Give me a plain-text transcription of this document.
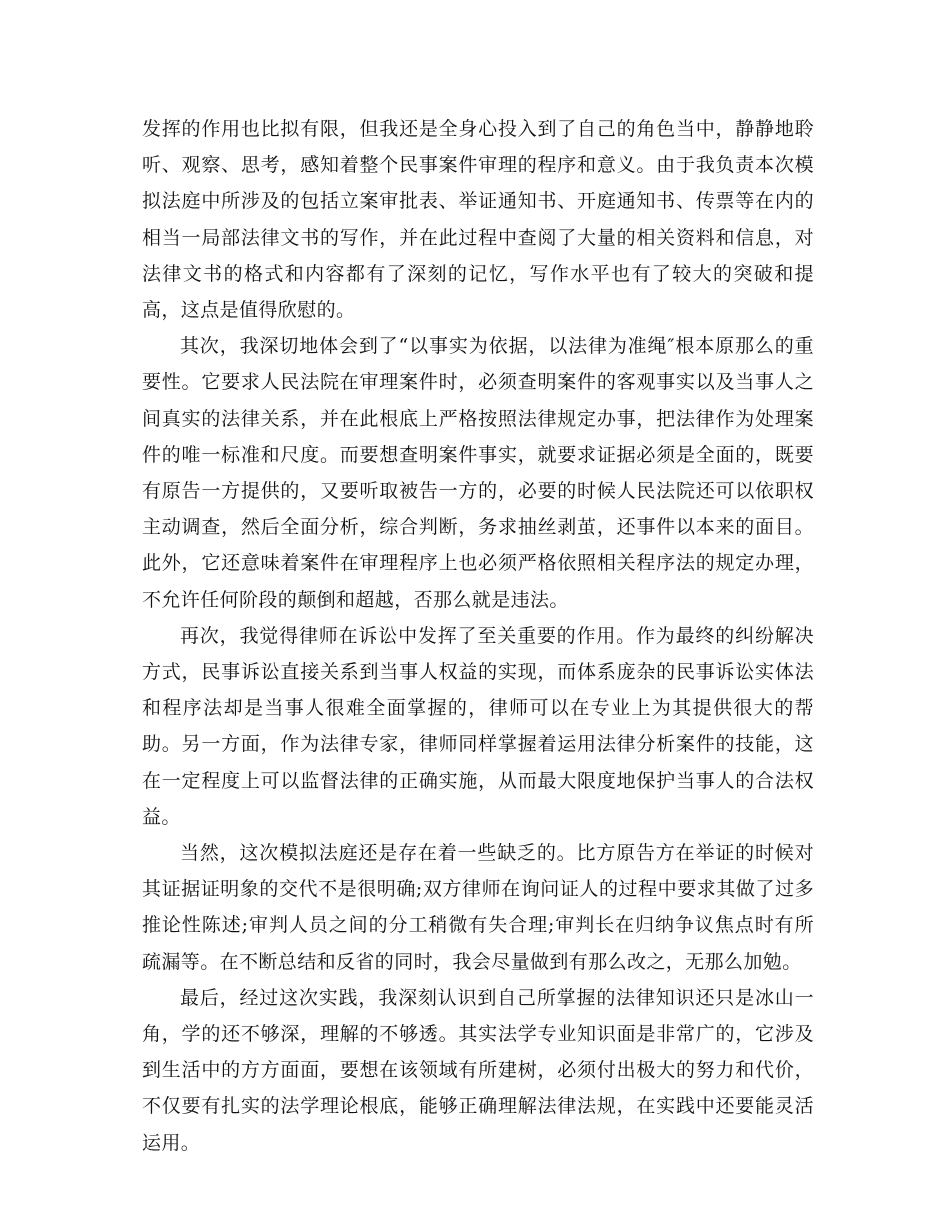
发挥的作用也比拟有限，但我还是全身心投入到了自己的角色当中，静静地聆听、观察、思考，感知着整个民事案件审理的程序和意义。由于我负责本次模拟法庭中所涉及的包括立案审批表、举证通知书、开庭通知书、传票等在内的相当一局部法律文书的写作，并在此过程中查阅了大量的相关资料和信息，对法律文书的格式和内容都有了深刻的记忆，写作水平也有了较大的突破和提高，这点是值得欣慰的。

其次，我深切地体会到了“以事实为依据，以法律为准绳″根本原那么的重要性。它要求人民法院在审理案件时，必须查明案件的客观事实以及当事人之间真实的法律关系，并在此根底上严格按照法律规定办事，把法律作为处理案件的唯一标准和尺度。而要想查明案件事实，就要求证据必须是全面的，既要有原告一方提供的，又要听取被告一方的，必要的时候人民法院还可以依职权主动调查，然后全面分析，综合判断，务求抽丝剥茧，还事件以本来的面目。此外，它还意味着案件在审理程序上也必须严格依照相关程序法的规定办理，不允许任何阶段的颠倒和超越，否那么就是违法。

再次，我觉得律师在诉讼中发挥了至关重要的作用。作为最终的纠纷解决方式，民事诉讼直接关系到当事人权益的实现，而体系庞杂的民事诉讼实体法和程序法却是当事人很难全面掌握的，律师可以在专业上为其提供很大的帮助。另一方面，作为法律专家，律师同样掌握着运用法律分析案件的技能，这在一定程度上可以监督法律的正确实施，从而最大限度地保护当事人的合法权益。

当然，这次模拟法庭还是存在着一些缺乏的。比方原告方在举证的时候对其证据证明象的交代不是很明确;双方律师在询问证人的过程中要求其做了过多推论性陈述;审判人员之间的分工稍微有失合理;审判长在归纳争议焦点时有所疏漏等。在不断总结和反省的同时，我会尽量做到有那么改之，无那么加勉。

最后，经过这次实践，我深刻认识到自己所掌握的法律知识还只是冰山一角，学的还不够深，理解的不够透。其实法学专业知识面是非常广的，它涉及到生活中的方方面面，要想在该领域有所建树，必须付出极大的努力和代价，不仅要有扎实的法学理论根底，能够正确理解法律法规，在实践中还要能灵活运用。
